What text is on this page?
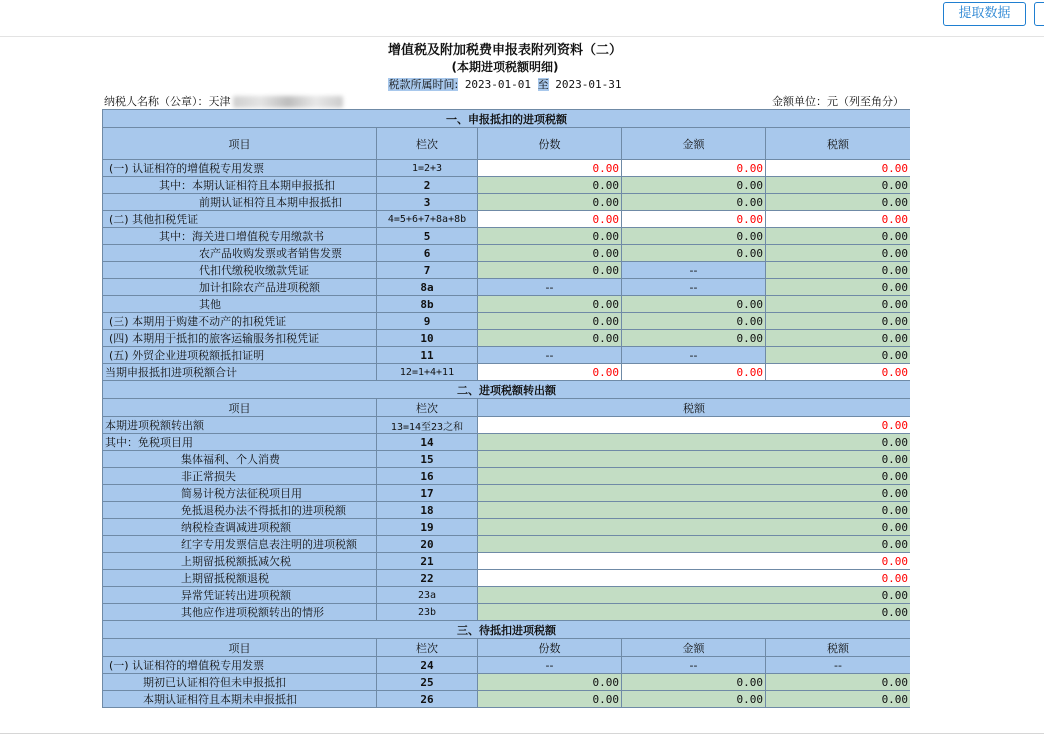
提取数据
增值税及附加税费申报表附列资料（二）
(本期进项税额明细)
税款所属时间: 2023-01-01 至 2023-01-31
纳税人名称（公章）：天津	金额单位：元（列至角分）
一、申报抵扣的进项税额				
项目	栏次	份数	金额	税额
(一) 认证相符的增值税专用发票	1=2+3	0.00	0.00	0.00
其中：本期认证相符且本期申报抵扣	2	0.00	0.00	0.00
前期认证相符且本期申报抵扣	3	0.00	0.00	0.00
(二) 其他扣税凭证	4=5+6+7+8a+8b	0.00	0.00	0.00
其中：海关进口增值税专用缴款书	5	0.00	0.00	0.00
农产品收购发票或者销售发票	6	0.00	0.00	0.00
代扣代缴税收缴款凭证	7	0.00	--	0.00
加计扣除农产品进项税额	8a	--	--	0.00
其他	8b	0.00	0.00	0.00
(三) 本期用于购建不动产的扣税凭证	9	0.00	0.00	0.00
(四) 本期用于抵扣的旅客运输服务扣税凭证	10	0.00	0.00	0.00
(五) 外贸企业进项税额抵扣证明	11	--	--	0.00
当期申报抵扣进项税额合计	12=1+4+11	0.00	0.00	0.00
二、进项税额转出额				
项目	栏次	税额		
本期进项税额转出额	13=14至23之和	0.00		
其中：免税项目用	14	0.00		
集体福利、个人消费	15	0.00		
非正常损失	16	0.00		
简易计税方法征税项目用	17	0.00		
免抵退税办法不得抵扣的进项税额	18	0.00		
纳税检查调减进项税额	19	0.00		
红字专用发票信息表注明的进项税额	20	0.00		
上期留抵税额抵减欠税	21	0.00		
上期留抵税额退税	22	0.00		
异常凭证转出进项税额	23a	0.00		
其他应作进项税额转出的情形	23b	0.00		
三、待抵扣进项税额				
项目	栏次	份数	金额	税额
(一) 认证相符的增值税专用发票	24	--	--	--
期初已认证相符但未申报抵扣	25	0.00	0.00	0.00
本期认证相符且本期未申报抵扣	26	0.00	0.00	0.00
